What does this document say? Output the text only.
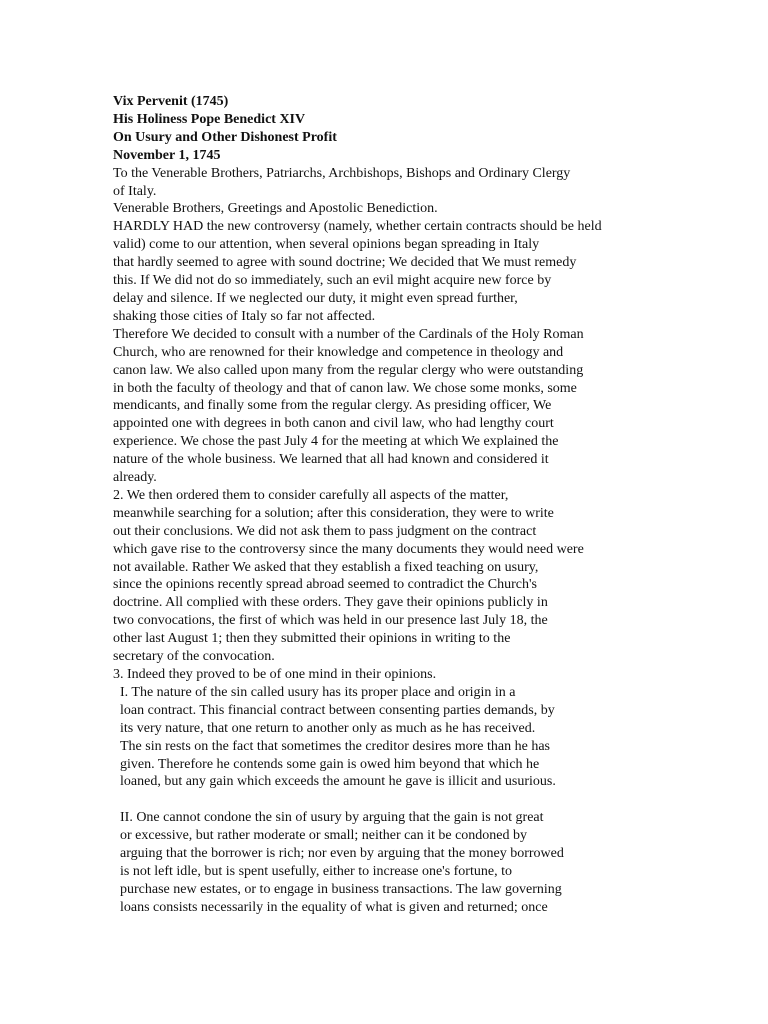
Vix Pervenit (1745)
His Holiness Pope Benedict XIV
On Usury and Other Dishonest Profit
November 1, 1745
To the Venerable Brothers, Patriarchs, Archbishops, Bishops and Ordinary Clergy
of Italy.
Venerable Brothers, Greetings and Apostolic Benediction.
HARDLY HAD the new controversy (namely, whether certain contracts should be held
valid) come to our attention, when several opinions began spreading in Italy
that hardly seemed to agree with sound doctrine; We decided that We must remedy
this. If We did not do so immediately, such an evil might acquire new force by
delay and silence. If we neglected our duty, it might even spread further,
shaking those cities of Italy so far not affected.
Therefore We decided to consult with a number of the Cardinals of the Holy Roman
Church, who are renowned for their knowledge and competence in theology and
canon law. We also called upon many from the regular clergy who were outstanding
in both the faculty of theology and that of canon law. We chose some monks, some
mendicants, and finally some from the regular clergy. As presiding officer, We
appointed one with degrees in both canon and civil law, who had lengthy court
experience. We chose the past July 4 for the meeting at which We explained the
nature of the whole business. We learned that all had known and considered it
already.
2. We then ordered them to consider carefully all aspects of the matter,
meanwhile searching for a solution; after this consideration, they were to write
out their conclusions. We did not ask them to pass judgment on the contract
which gave rise to the controversy since the many documents they would need were
not available. Rather We asked that they establish a fixed teaching on usury,
since the opinions recently spread abroad seemed to contradict the Church's
doctrine. All complied with these orders. They gave their opinions publicly in
two convocations, the first of which was held in our presence last July 18, the
other last August 1; then they submitted their opinions in writing to the
secretary of the convocation.
3. Indeed they proved to be of one mind in their opinions.
I. The nature of the sin called usury has its proper place and origin in a
loan contract. This financial contract between consenting parties demands, by
its very nature, that one return to another only as much as he has received.
The sin rests on the fact that sometimes the creditor desires more than he has
given. Therefore he contends some gain is owed him beyond that which he
loaned, but any gain which exceeds the amount he gave is illicit and usurious.
II. One cannot condone the sin of usury by arguing that the gain is not great
or excessive, but rather moderate or small; neither can it be condoned by
arguing that the borrower is rich; nor even by arguing that the money borrowed
is not left idle, but is spent usefully, either to increase one's fortune, to
purchase new estates, or to engage in business transactions. The law governing
loans consists necessarily in the equality of what is given and returned; once
